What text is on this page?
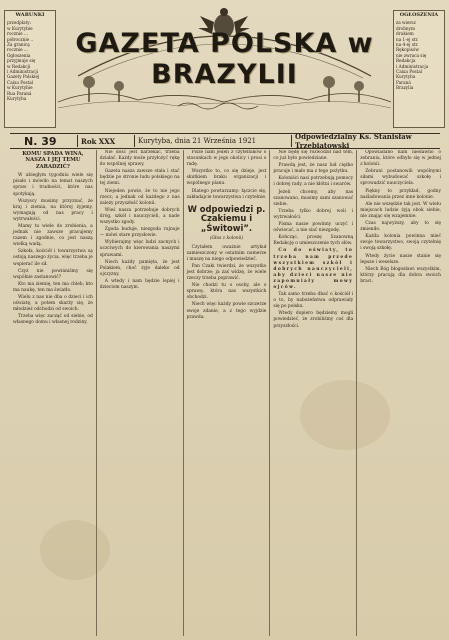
WARUNKI
przedpłaty:
w Kurytybie
rocznie ...
półrocznie ..
Za granicą
rocznie ...
Ogłoszenia
przyjmuje się
w Redakcji
i Administracji
Gazety Polskiej
Caixa Postal
w Kurytybie
Rua Paraná
Kurytyba
OGŁOSZENIA
za wiersz
drobnym
drukiem
na 1-ej str.
na 4-ej str.
Rękopisów
nie zwraca się
Redakcja
i Administracja
Caixa Postal
Kurytyba
Paraná
Brazylia
GAZETA POLSKA w BRAZYLII
N. 39	Rok XXX	Kurytyba, dnia 21 Września 1921	Odpowiedzialny Ks. Stanisław Trzebiatowski
KOMU SPADA WINA, NASZA I JEJ TEMU ZARADZIĆ?

W ubiegłym tygodniu wiele się pisało i mówiło na temat naszych spraw i trudności, które nas spotykają.

Wszyscy musimy przyznać, że kraj i ziemia, na której żyjemy, wymagają od nas pracy i wytrwałości.

Mamy tu wiele do zrobienia, a jednak nie zawsze pracujemy razem i zgodnie, co jest naszą wielką wadą.

Szkoła, kościół i towarzystwa są ostoją naszego życia, więc trzeba je wspierać ile sił.

Czyż nie powinniśmy się wspólnie zastanowić?

Kto ma ziemię, ten ma chleb; kto ma naukę, ten ma światło.

Wielu z nas nie dba o dzieci i ich oświatę, a potem skarży się, że młodzież odchodzi od swoich.

Trzeba więc zacząć od siebie, od własnego domu i własnej rodziny.

Nie dość jest narzekać, trzeba działać. Każdy może przyłożyć rękę do wspólnej sprawy.

Gazeta nasza zawsze stała i stać będzie po stronie ludu polskiego na tej ziemi.

Niejeden powie, że to nie jego rzecz; a jednak od każdego z nas zależy przyszłość kolonii.

Wieś nasza potrzebuje dobrych dróg, szkół i nauczycieli, a nade wszystko zgody.

Zgoda buduje, niezgoda rujnuje — mówi stare przysłowie.

Wybierajmy więc ludzi zacnych i uczciwych do kierowania naszymi sprawami.

Niech każdy pamięta, że jest Polakiem, choć żyje daleko od ojczyzny.

A wtedy i nam będzie lepiej i dzieciom naszym.

Pisze nam jeden z czytelników o stosunkach w jego okolicy i prosi o radę.

Wszystko to, co się dzieje, jest skutkiem braku organizacji i wspólnego planu.

Dlatego powtarzamy: łączcie się, zakładajcie towarzystwa i czytelnie.

W odpowiedzi p. Czakiemu i „Świtowi”.
(Głos z kolonii)

Czytałem uważnie artykuł zamieszczony w ostatnim numerze i muszę na niego odpowiedzieć.

Pan Czaki twierdzi, że wszystko jest dobrze; ja zaś widzę, że wiele rzeczy trzeba poprawić.

Nie chodzi tu o osoby, ale o sprawę, która nas wszystkich obchodzi.

Niech więc każdy powie szczerze swoje zdanie, a z tego wyjdzie prawda.

Nie będę się rozwodził nad tem, co już było powiedziane.

Prawdą jest, że nasz lud ciężko pracuje i mało ma z tego pożytku.

Koloniści nasi potrzebują pomocy i dobrej rady, a nie kłótni i swarów.

Jeżeli chcemy, aby nas szanowano, musimy sami szanować siebie.

Trzeba tylko dobrej woli i wytrwałości.

Pisma nasze powinny uczyć i oświecać, a nie siać niezgodę.

Kończąc, proszę Szanowną Redakcję o umieszczenie tych słów.

Co do oświaty, to trzeba nam przede wszystkiem szkół i dobrych nauczycieli, aby dzieci nasze nie zapomniały mowy ojców.

Tak samo trzeba dbać o kościół i o to, by nabożeństwa odprawiały się po polsku.

Wtedy dopiero będziemy mogli powiedzieć, że zrobiliśmy coś dla przyszłości.

Opowiadano nam niedawno o zebraniu, które odbyło się w jednej z kolonii.

Zebrani postanowili wspólnymi siłami wybudować szkołę i sprowadzić nauczyciela.

Piękny to przykład, godny naśladowania przez inne kolonie.

Ale nie wszędzie tak jest. W wielu miejscach ludzie żyją obok siebie, nie znając się wzajemnie.

Czas najwyższy, aby to się zmieniło.

Każda kolonia powinna mieć swoje towarzystwo, swoją czytelnię i swoją szkołę.

Wtedy życie nasze stanie się lepsze i weselsze.

Niech Bóg błogosławi wszystkim, którzy pracują dla dobra swoich braci.
